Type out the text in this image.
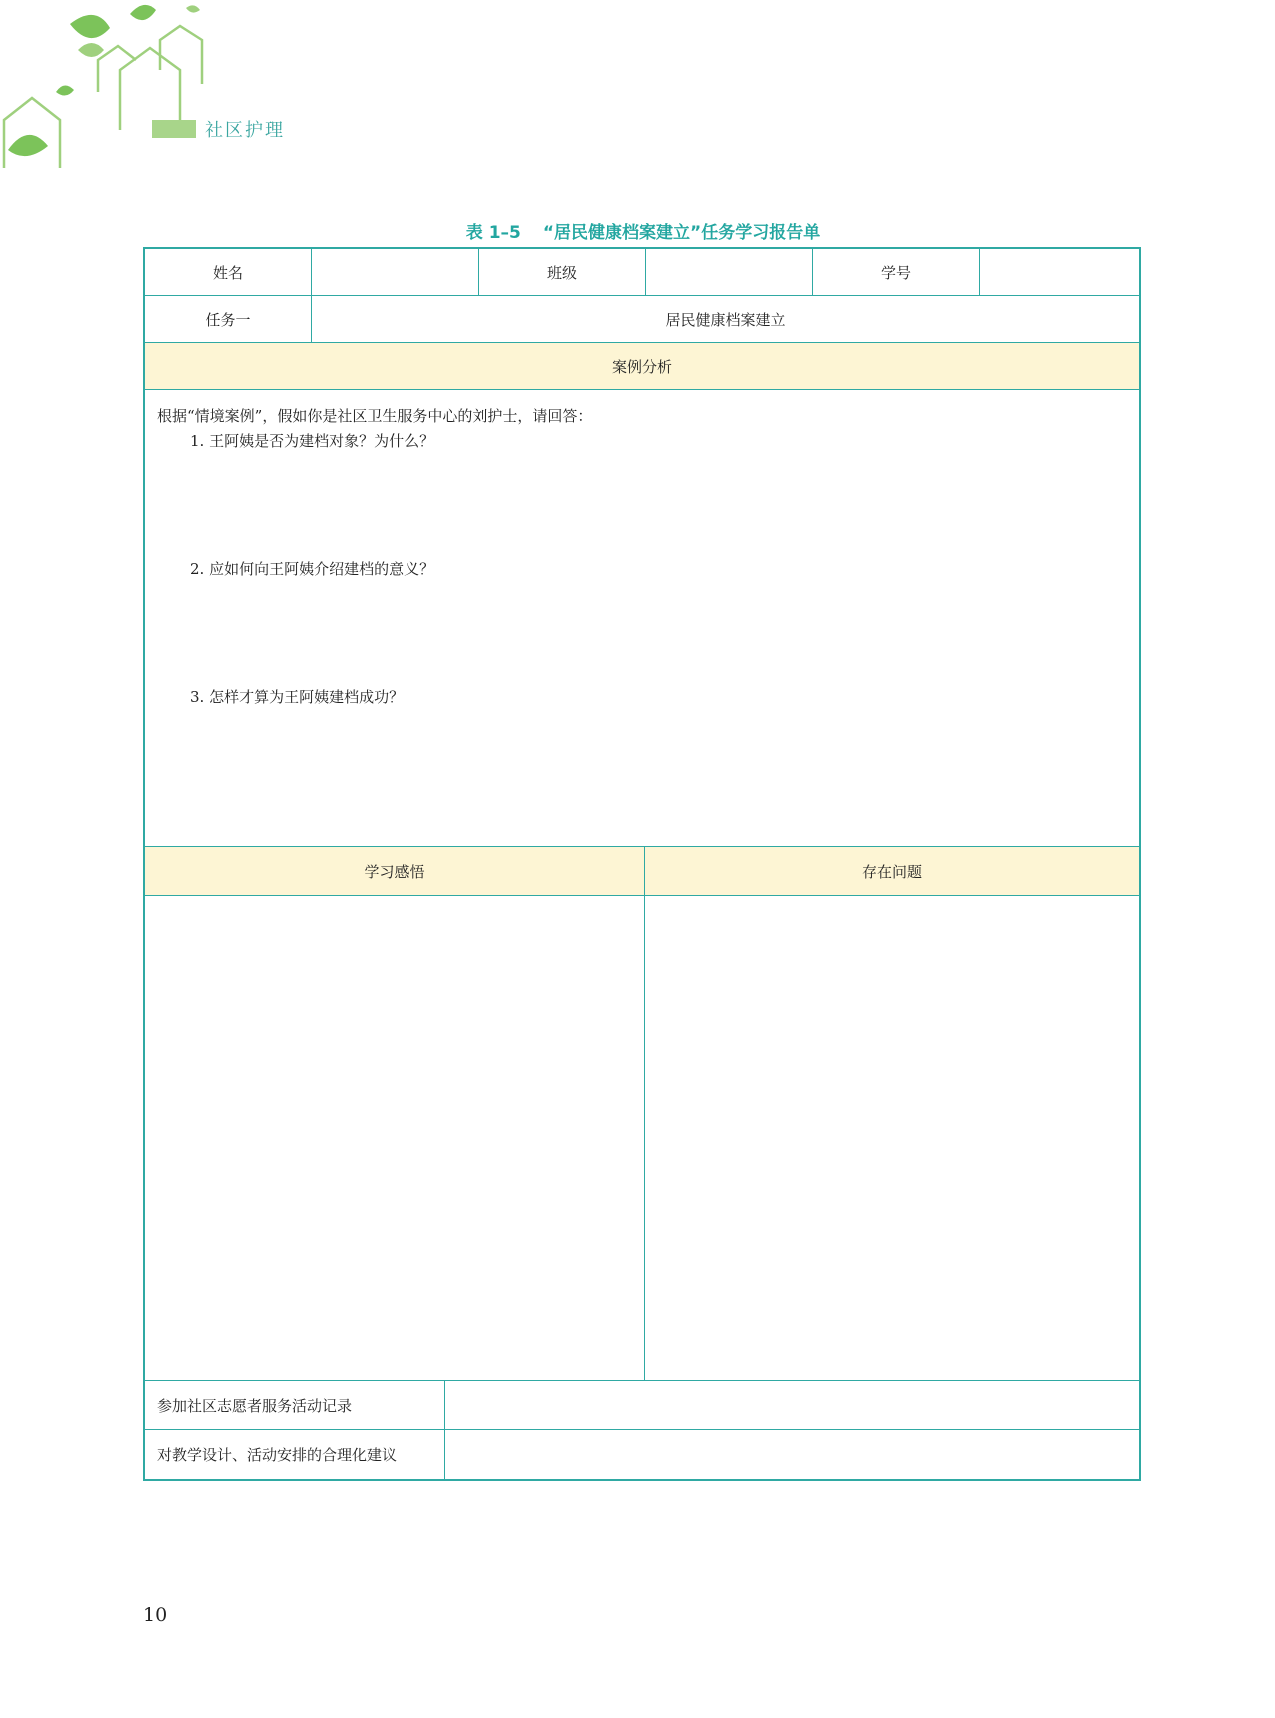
社区护理
表 1–5 “居民健康档案建立”任务学习报告单
姓名	班级	学号
任务一	居民健康档案建立
案例分析
根据“情境案例”，假如你是社区卫生服务中心的刘护士，请回答：
1. 王阿姨是否为建档对象？为什么？
2. 应如何向王阿姨介绍建档的意义？
3. 怎样才算为王阿姨建档成功？
学习感悟	存在问题
参加社区志愿者服务活动记录
对教学设计、活动安排的合理化建议
10
